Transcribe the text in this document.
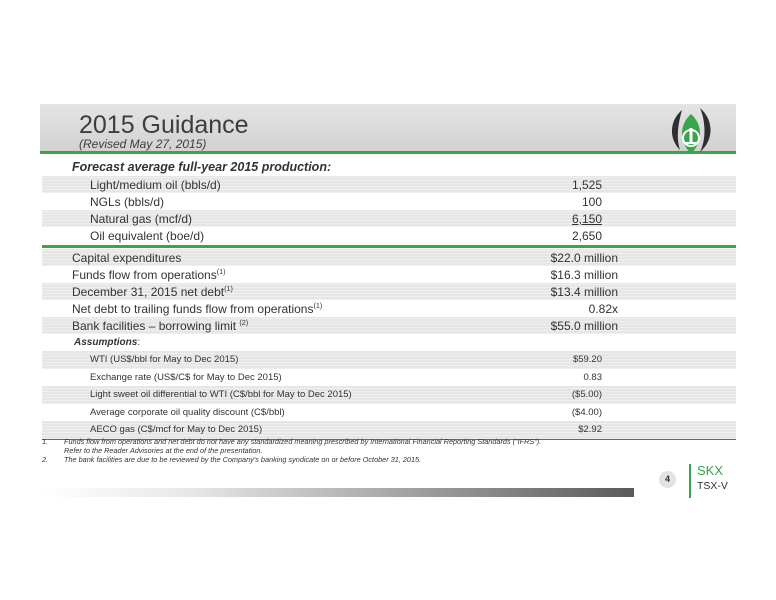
2015 Guidance
(Revised May 27, 2015)
Forecast average full-year 2015 production:
Light/medium oil (bbls/d)	1,525
NGLs (bbls/d)	100
Natural gas (mcf/d)	6,150
Oil equivalent (boe/d)	2,650
Capital expenditures	$22.0 million
Funds flow from operations$^{(1)}$	$16.3 million
December 31, 2015 net debt$^{(1)}$	$13.4 million
Net debt to trailing funds flow from operations$^{(1)}$	0.82x
Bank facilities – borrowing limit $^{(2)}$	$55.0 million
Assumptions:
WTI (US$/bbl for May to Dec 2015)	$59.20
Exchange rate (US$/C$ for May to Dec 2015)	0.83
Light sweet oil differential to WTI (C$/bbl for May to Dec 2015)	($5.00)
Average corporate oil quality discount (C$/bbl)	($4.00)
AECO gas (C$/mcf for May to Dec 2015)	$2.92
1. Funds flow from operations and net debt do not have any standardized meaning prescribed by International Financial Reporting Standards ("IFRS").
Refer to the Reader Advisories at the end of the presentation.
2. The bank facilities are due to be reviewed by the Company's banking syndicate on or before October 31, 2015.
4
SKX
TSX-V
